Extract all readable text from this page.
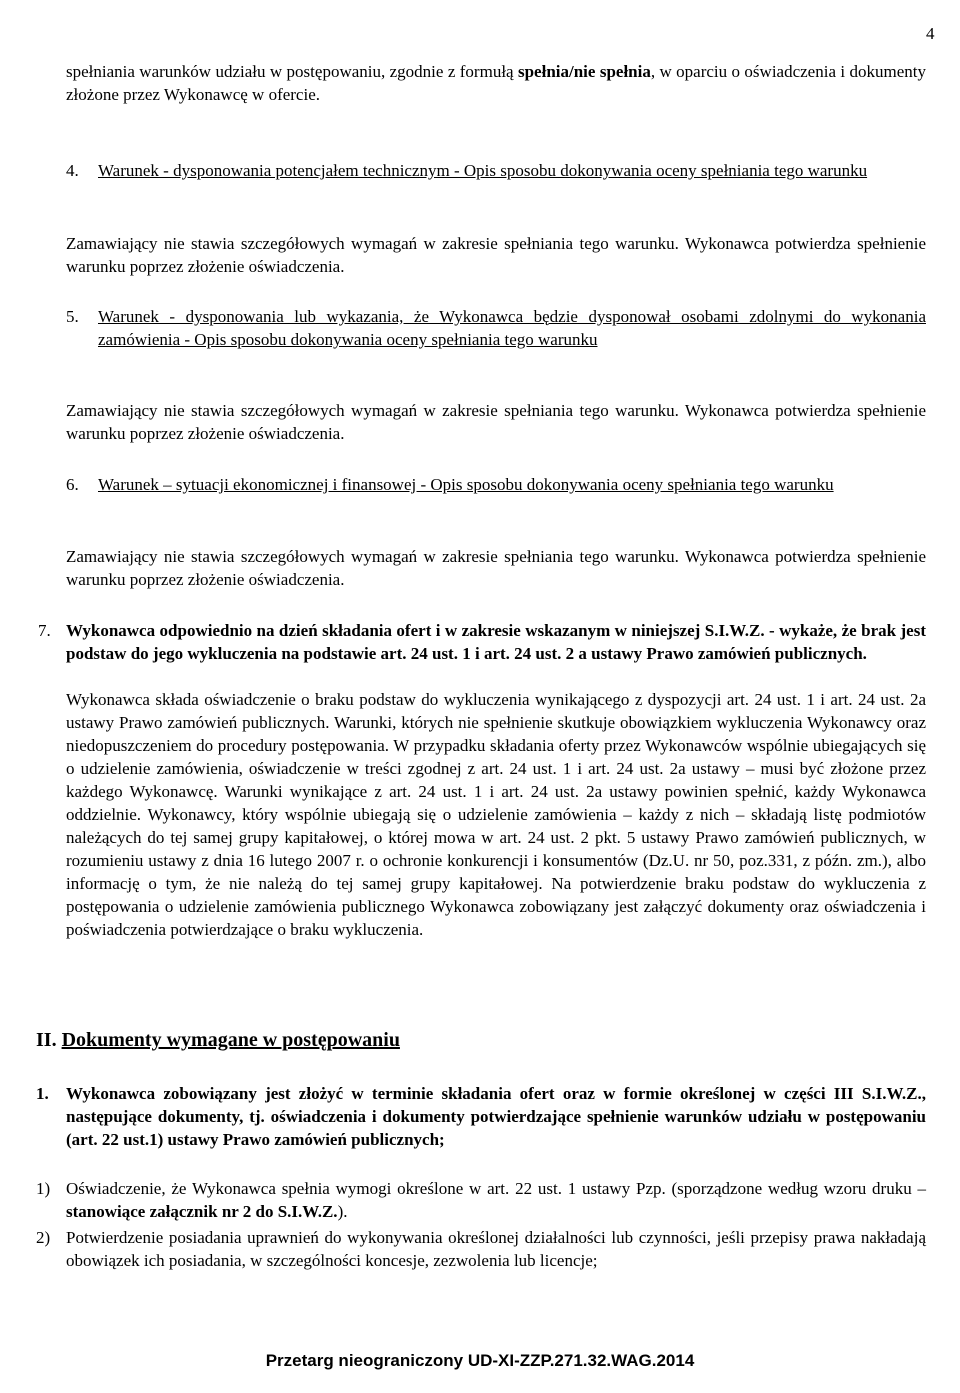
4

spełniania warunków udziału w postępowaniu, zgodnie z formułą spełnia/nie spełnia, w oparciu o oświadczenia i dokumenty złożone przez Wykonawcę w ofercie.

4.	Warunek - dysponowania potencjałem technicznym - Opis sposobu dokonywania oceny spełniania tego warunku

Zamawiający nie stawia szczegółowych wymagań w zakresie spełniania tego warunku. Wykonawca potwierdza spełnienie warunku poprzez złożenie oświadczenia.

5.	Warunek - dysponowania lub wykazania, że Wykonawca będzie dysponował osobami zdolnymi do wykonania zamówienia - Opis sposobu dokonywania oceny spełniania tego warunku

Zamawiający nie stawia szczegółowych wymagań w zakresie spełniania tego warunku. Wykonawca potwierdza spełnienie warunku poprzez złożenie oświadczenia.

6.	Warunek – sytuacji ekonomicznej i finansowej - Opis sposobu dokonywania oceny spełniania tego warunku

Zamawiający nie stawia szczegółowych wymagań w zakresie spełniania tego warunku. Wykonawca potwierdza spełnienie warunku poprzez złożenie oświadczenia.

7. Wykonawca odpowiednio na dzień składania ofert i w zakresie wskazanym w niniejszej S.I.W.Z. - wykaże, że brak jest podstaw do jego wykluczenia na podstawie art. 24 ust. 1 i art. 24 ust. 2 a ustawy Prawo zamówień publicznych.

Wykonawca składa oświadczenie o braku podstaw do wykluczenia wynikającego z dyspozycji art. 24 ust. 1 i art. 24 ust. 2a ustawy Prawo zamówień publicznych. Warunki, których nie spełnienie skutkuje obowiązkiem wykluczenia Wykonawcy oraz niedopuszczeniem do procedury postępowania. W przypadku składania oferty przez Wykonawców wspólnie ubiegających się o udzielenie zamówienia, oświadczenie w treści zgodnej z art. 24 ust. 1 i art. 24 ust. 2a ustawy – musi być złożone przez każdego Wykonawcę. Warunki wynikające z art. 24 ust. 1 i art. 24 ust. 2a ustawy powinien spełnić, każdy Wykonawca oddzielnie. Wykonawcy, który wspólnie ubiegają się o udzielenie zamówienia – każdy z nich – składają listę podmiotów należących do tej samej grupy kapitałowej, o której mowa w art. 24 ust. 2 pkt. 5 ustawy Prawo zamówień publicznych, w rozumieniu ustawy z dnia 16 lutego 2007 r. o ochronie konkurencji i konsumentów (Dz.U. nr 50, poz.331, z późn. zm.), albo informację o tym, że nie należą do tej samej grupy kapitałowej. Na potwierdzenie braku podstaw do wykluczenia z postępowania o udzielenie zamówienia publicznego Wykonawca zobowiązany jest załączyć dokumenty oraz oświadczenia i poświadczenia potwierdzające o braku wykluczenia.

II. Dokumenty wymagane w postępowaniu
1.	Wykonawca zobowiązany jest złożyć w terminie składania ofert oraz w formie określonej w części III S.I.W.Z., następujące dokumenty, tj. oświadczenia i dokumenty potwierdzające spełnienie warunków udziału w postępowaniu (art. 22 ust.1) ustawy Prawo zamówień publicznych;
1) Oświadczenie, że Wykonawca spełnia wymogi określone w art. 22 ust. 1 ustawy Pzp. (sporządzone według wzoru druku – stanowiące załącznik nr 2 do S.I.W.Z.).
2) Potwierdzenie posiadania uprawnień do wykonywania określonej działalności lub czynności, jeśli przepisy prawa nakładają obowiązek ich posiadania, w szczególności koncesje, zezwolenia lub licencje;
Przetarg nieograniczony UD-XI-ZZP.271.32.WAG.2014
